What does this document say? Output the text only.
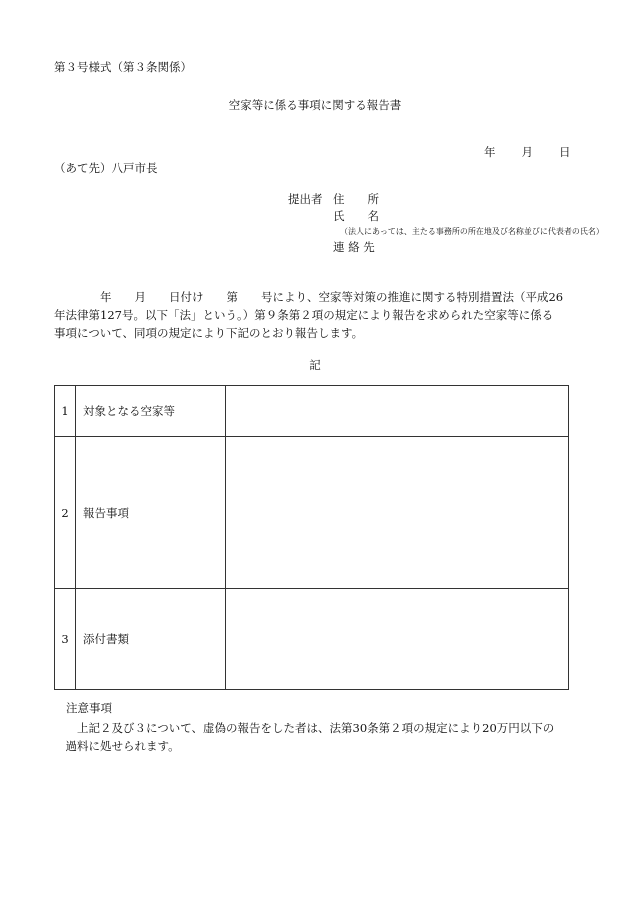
第３号様式（第３条関係）
空家等に係る事項に関する報告書
年 月 日
（あて先）八戸市長
提出者 住　　所
氏　　名
（法人にあっては、主たる事務所の所在地及び名称並びに代表者の氏名）
連 絡 先
　　　　年　　月　　日付け　　第　　号により、空家等対策の推進に関する特別措置法（平成26
年法律第127号。以下「法」という。）第９条第２項の規定により報告を求められた空家等に係る
事項について、同項の規定により下記のとおり報告します。
記
1	対象となる空家等	
2	報告事項	
3	添付書類	
注意事項
　　上記２及び３について、虚偽の報告をした者は、法第30条第２項の規定により20万円以下の
　過料に処せられます。
